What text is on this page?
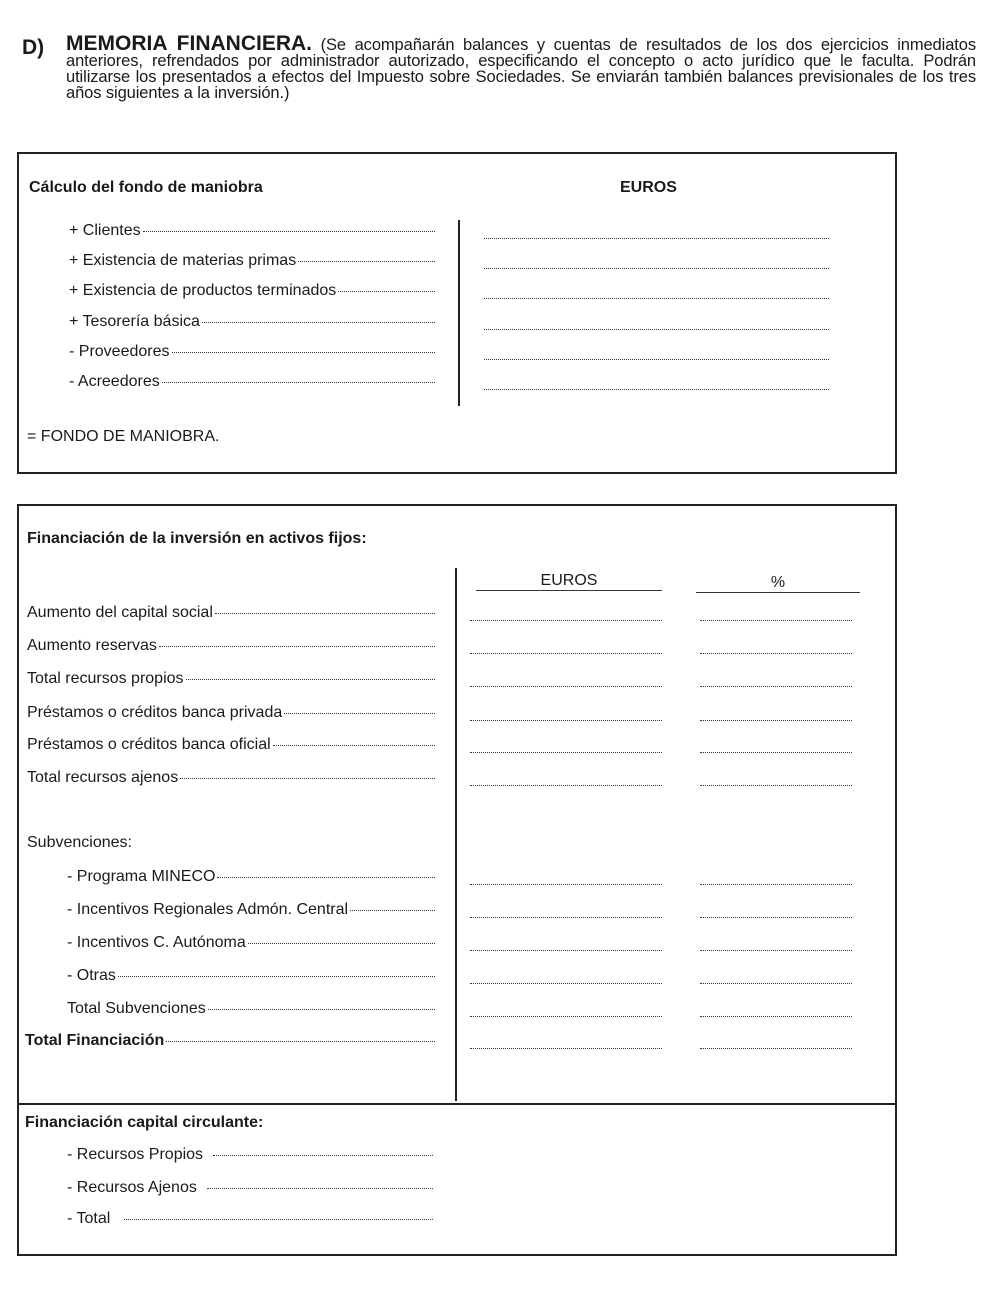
D) MEMORIA FINANCIERA. (Se acompañarán balances y cuentas de resultados de los dos ejercicios inmediatos anteriores, refrendados por administrador autorizado, especificando el concepto o acto jurídico que le faculta. Podrán utilizarse los presentados a efectos del Impuesto sobre Sociedades. Se enviarán también balances previsionales de los tres años siguientes a la inversión.)
Cálculo del fondo de maniobra	EUROS
+ Clientes
+ Existencia de materias primas
+ Existencia de productos terminados
+ Tesorería básica
- Proveedores
- Acreedores
= FONDO DE MANIOBRA.
Financiación de la inversión en activos fijos:
EUROS	%
Aumento del capital social
Aumento reservas
Total recursos propios
Préstamos o créditos banca privada
Préstamos o créditos banca oficial
Total recursos ajenos
Subvenciones:
- Programa MINECO
- Incentivos Regionales Admón. Central
- Incentivos C. Autónoma
- Otras
Total Subvenciones
Total Financiación
Financiación capital circulante:
- Recursos Propios
- Recursos Ajenos
- Total
